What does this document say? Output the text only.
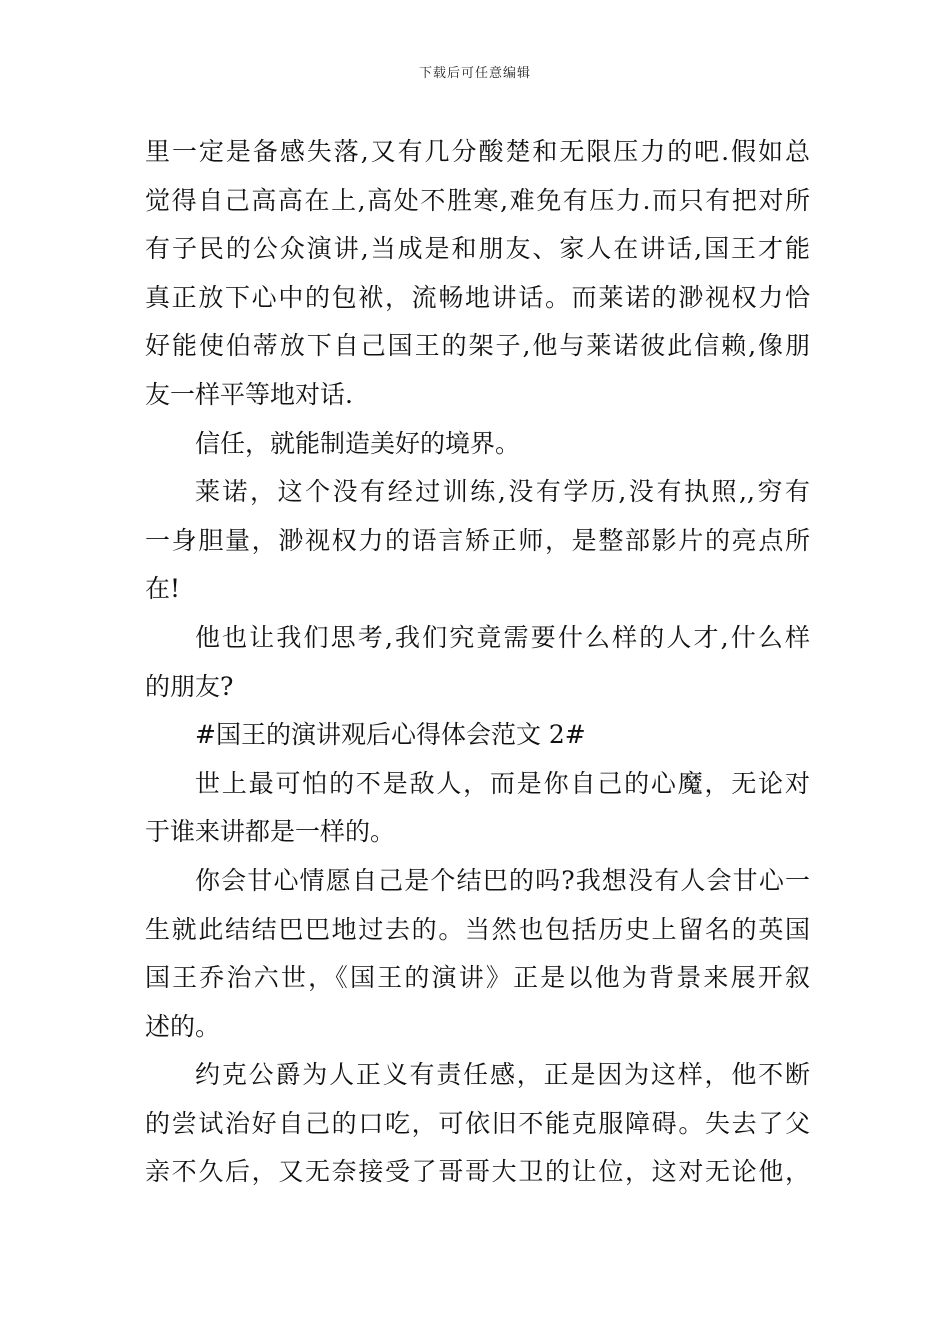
下载后可任意编辑
里一定是备感失落,又有几分酸楚和无限压力的吧.假如总
觉得自己高高在上,高处不胜寒,难免有压力.而只有把对所
有子民的公众演讲,当成是和朋友、家人在讲话,国王才能
真正放下心中的包袱，流畅地讲话。而莱诺的渺视权力恰
好能使伯蒂放下自己国王的架子,他与莱诺彼此信赖,像朋
友一样平等地对话.
信任，就能制造美好的境界。
莱诺，这个没有经过训练,没有学历,没有执照,,穷有
一身胆量，渺视权力的语言矫正师，是整部影片的亮点所
在!
他也让我们思考,我们究竟需要什么样的人才,什么样
的朋友?
#国王的演讲观后心得体会范文 2#
世上最可怕的不是敌人，而是你自己的心魔，无论对
于谁来讲都是一样的。
你会甘心情愿自己是个结巴的吗?我想没有人会甘心一
生就此结结巴巴地过去的。当然也包括历史上留名的英国
国王乔治六世，《国王的演讲》正是以他为背景来展开叙
述的。
约克公爵为人正义有责任感，正是因为这样，他不断
的尝试治好自己的口吃，可依旧不能克服障碍。失去了父
亲不久后，又无奈接受了哥哥大卫的让位，这对无论他，
